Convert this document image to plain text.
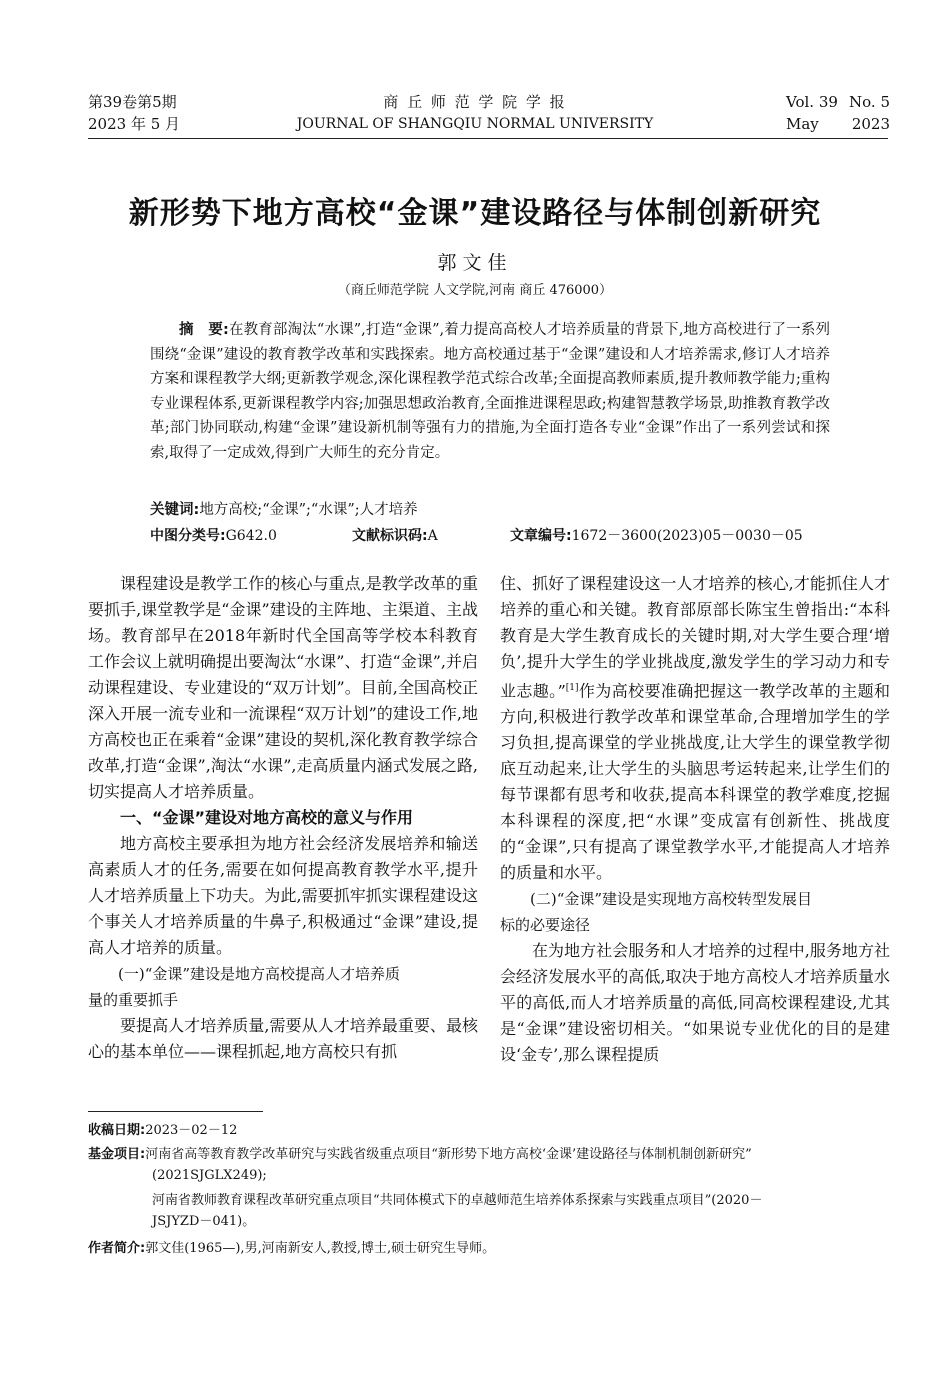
第39卷第5期
2023 年 5 月
商 丘 师 范 学 院 学 报
JOURNAL OF SHANGQIU NORMAL UNIVERSITY
Vol. 39 No. 5
May 2023
新形势下地方高校“金课”建设路径与体制创新研究
郭文佳
（商丘师范学院 人文学院,河南 商丘 476000）
摘　要:在教育部淘汰“水课”,打造“金课”,着力提高高校人才培养质量的背景下,地方高校进行了一系列围绕“金课”建设的教育教学改革和实践探索。地方高校通过基于“金课”建设和人才培养需求,修订人才培养方案和课程教学大纲;更新教学观念,深化课程教学范式综合改革;全面提高教师素质,提升教师教学能力;重构专业课程体系,更新课程教学内容;加强思想政治教育,全面推进课程思政;构建智慧教学场景,助推教育教学改革;部门协同联动,构建“金课”建设新机制等强有力的措施,为全面打造各专业“金课”作出了一系列尝试和探索,取得了一定成效,得到广大师生的充分肯定。
关键词:地方高校;“金课”;“水课”;人才培养
中图分类号:G642.0	文献标识码:A	文章编号:1672－3600(2023)05－0030－05

课程建设是教学工作的核心与重点,是教学改革的重要抓手,课堂教学是“金课”建设的主阵地、主渠道、主战场。教育部早在2018年新时代全国高等学校本科教育工作会议上就明确提出要淘汰“水课”、打造“金课”,并启动课程建设、专业建设的“双万计划”。目前,全国高校正深入开展一流专业和一流课程“双万计划”的建设工作,地方高校也正在乘着“金课”建设的契机,深化教育教学综合改革,打造“金课”,淘汰“水课”,走高质量内涵式发展之路,切实提高人才培养质量。

一、“金课”建设对地方高校的意义与作用

地方高校主要承担为地方社会经济发展培养和输送高素质人才的任务,需要在如何提高教育教学水平,提升人才培养质量上下功夫。为此,需要抓牢抓实课程建设这个事关人才培养质量的牛鼻子,积极通过“金课”建设,提高人才培养的质量。

(一)“金课”建设是地方高校提高人才培养质
量的重要抓手

要提高人才培养质量,需要从人才培养最重要、最核心的基本单位——课程抓起,地方高校只有抓

住、抓好了课程建设这一人才培养的核心,才能抓住人才培养的重心和关键。教育部原部长陈宝生曾指出:“本科教育是大学生教育成长的关键时期,对大学生要合理‘增负’,提升大学生的学业挑战度,激发学生的学习动力和专业志趣。”[1]作为高校要准确把握这一教学改革的主题和方向,积极进行教学改革和课堂革命,合理增加学生的学习负担,提高课堂的学业挑战度,让大学生的课堂教学彻底互动起来,让大学生的头脑思考运转起来,让学生们的每节课都有思考和收获,提高本科课堂的教学难度,挖掘本科课程的深度,把“水课”变成富有创新性、挑战度的“金课”,只有提高了课堂教学水平,才能提高人才培养的质量和水平。

(二)“金课”建设是实现地方高校转型发展目
标的必要途径

在为地方社会服务和人才培养的过程中,服务地方社会经济发展水平的高低,取决于地方高校人才培养质量水平的高低,而人才培养质量的高低,同高校课程建设,尤其是“金课”建设密切相关。“如果说专业优化的目的是建设‘金专’,那么课程提质

收稿日期:2023－02－12
基金项目:河南省高等教育教学改革研究与实践省级重点项目“新形势下地方高校‘金课’建设路径与体制机制创新研究”
(2021SJGLX249);
河南省教师教育课程改革研究重点项目“共同体模式下的卓越师范生培养体系探索与实践重点项目”(2020－
JSJYZD－041)。
作者简介:郭文佳(1965—),男,河南新安人,教授,博士,硕士研究生导师。
